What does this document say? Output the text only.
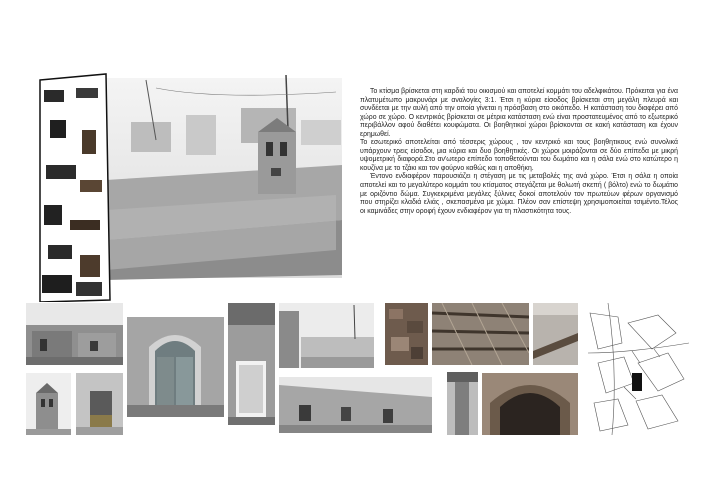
Το κτίσμα βρίσκεται στη καρδιά του οικισμού και αποτελεί κομμάτι του αδελφικάτου. Πρόκειται για ένα πλατυμέτωπο μακρυνάρι με αναλογίες 3:1. Έτσι η κύρια είσοδος βρίσκεται στη μεγάλη πλευρά και συνδέεται με την αυλή από την οποία γίνεται η πρόσβαση στο οικόπεδο. Η κατάσταση του διαφέρει από χώρο σε χώρο. Ο κεντρικός βρίσκεται σε μέτρια κατάσταση ενώ είναι προστατευμένος από το εξωτερικό περιβάλλον αφού διαθέτει κουφώματα. Οι βοηθητικοί χώροι βρίσκονται σε κακή κατάσταση και έχουν ερημωθεί.

Το εσωτερικό αποτελείται από τέσσερις χώρους , τον κεντρικό και τους βοηθητικους ενώ συνολικά υπάρχουν τρεις είσοδοι, μια κύρια και δυο βοηθητικές. Οι χώροι μοιράζονται σε δύο επίπεδα με μικρή υψομετρική διαφορά.Στο αν'ωτερο επίπεδο τοποθετούνται του δωμάτιο και η σάλα ενώ στο κατώτερο η κουζίνα με το τζάκι και τον φούρνο καθώς και η αποθήκη.

Έντονο ενδιαφέρον παρουσιάζει η στέγαση με τις μεταβολές της ανά χώρο. Έτσι η σάλα η οποία αποτελεί και το μεγαλύτερο κομμάτι του κτίσματος στεγάζεται με θολωτή σκεπή ( βόλτο) ενώ το δωμάτιο με οριζόντιο δώμα. Συγκεκριμένα μεγάλες ξύλινες δοκοί αποτελούν τον πρωτεύων φέρων οργανισμό που στηρίζει κλαδιά ελιάς , σκεπασμένα με χώμα. Πλέον σαν επίστεψη χρησιμοποιείται τσιμέντο.Τέλος οι καμινάδες στην οροφή έχουν ενδιαφέρον για τη πλαστικότητα τους.
